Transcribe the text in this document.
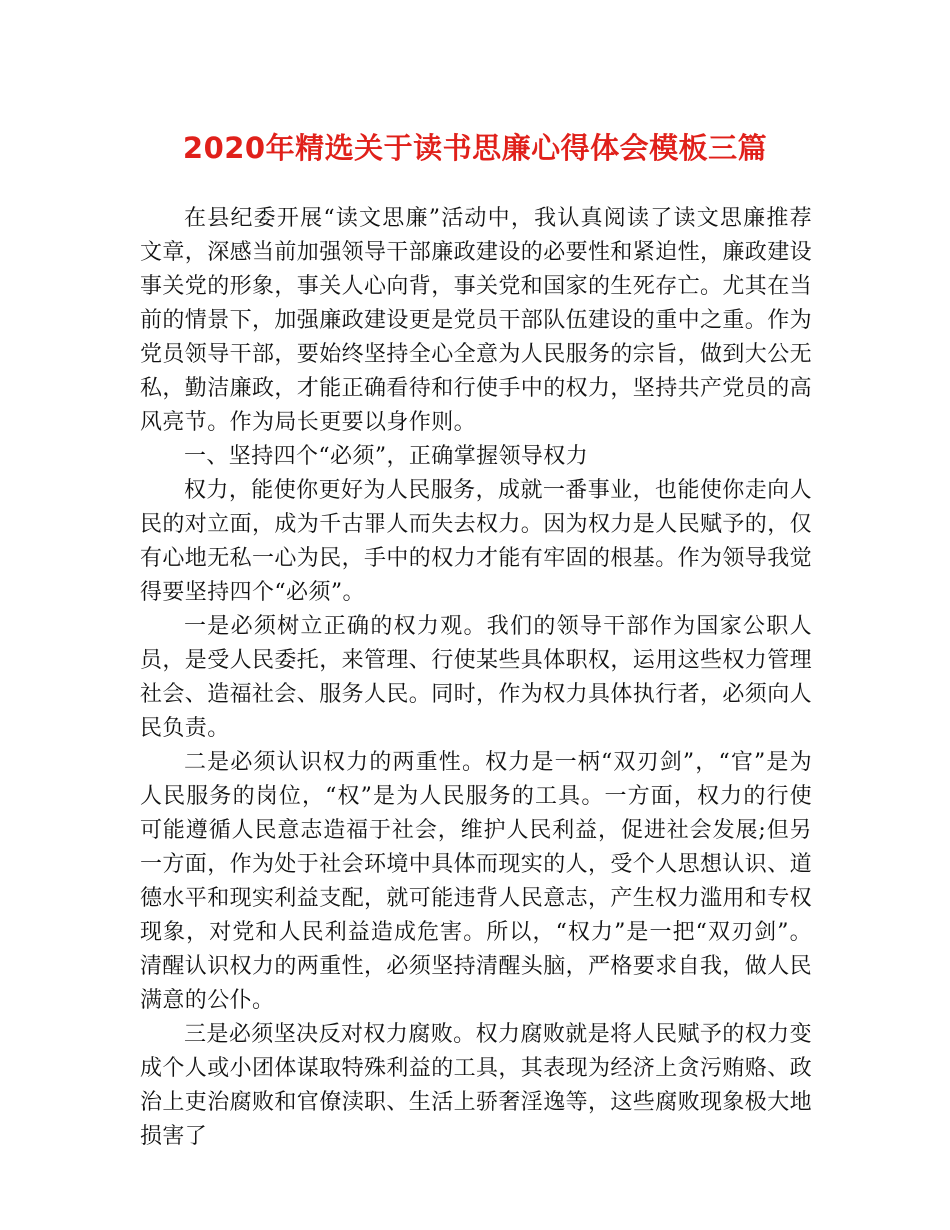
2020年精选关于读书思廉心得体会模板三篇

在县纪委开展“读文思廉”活动中，我认真阅读了读文思廉推荐文章，深感当前加强领导干部廉政建设的必要性和紧迫性，廉政建设事关党的形象，事关人心向背，事关党和国家的生死存亡。尤其在当前的情景下，加强廉政建设更是党员干部队伍建设的重中之重。作为党员领导干部，要始终坚持全心全意为人民服务的宗旨，做到大公无私，勤洁廉政，才能正确看待和行使手中的权力，坚持共产党员的高风亮节。作为局长更要以身作则。

一、坚持四个“必须”，正确掌握领导权力

权力，能使你更好为人民服务，成就一番事业，也能使你走向人民的对立面，成为千古罪人而失去权力。因为权力是人民赋予的，仅有心地无私一心为民，手中的权力才能有牢固的根基。作为领导我觉得要坚持四个“必须”。

一是必须树立正确的权力观。我们的领导干部作为国家公职人员，是受人民委托，来管理、行使某些具体职权，运用这些权力管理社会、造福社会、服务人民。同时，作为权力具体执行者，必须向人民负责。

二是必须认识权力的两重性。权力是一柄“双刃剑”，“官”是为人民服务的岗位，“权”是为人民服务的工具。一方面，权力的行使可能遵循人民意志造福于社会，维护人民利益，促进社会发展;但另一方面，作为处于社会环境中具体而现实的人，受个人思想认识、道德水平和现实利益支配，就可能违背人民意志，产生权力滥用和专权现象，对党和人民利益造成危害。所以，“权力”是一把“双刃剑”。清醒认识权力的两重性，必须坚持清醒头脑，严格要求自我，做人民满意的公仆。

三是必须坚决反对权力腐败。权力腐败就是将人民赋予的权力变成个人或小团体谋取特殊利益的工具，其表现为经济上贪污贿赂、政治上吏治腐败和官僚渎职、生活上骄奢淫逸等，这些腐败现象极大地损害了
